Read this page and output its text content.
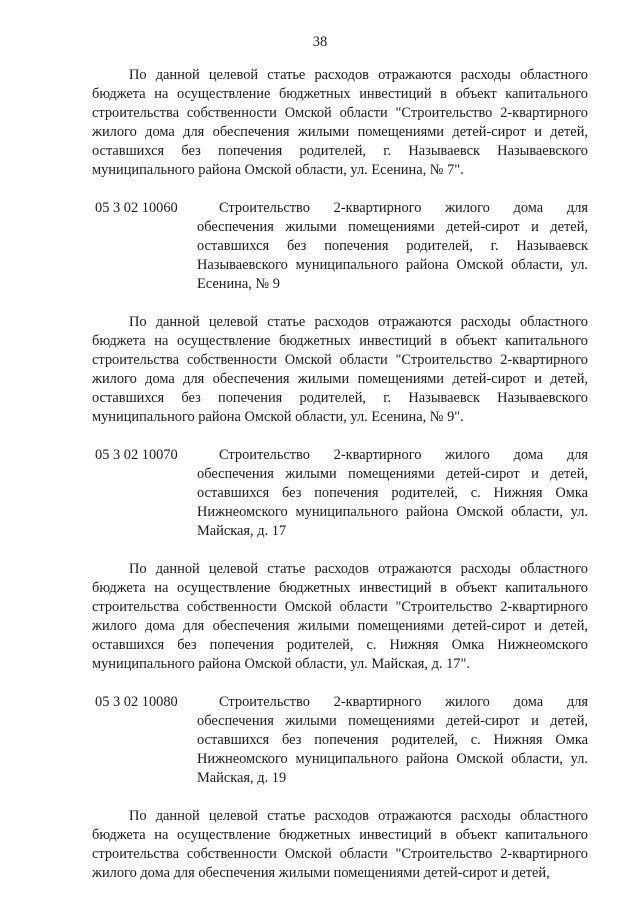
38

По данной целевой статье расходов отражаются расходы областного бюджета на осуществление бюджетных инвестиций в объект капитального строительства собственности Омской области "Строительство 2-квартирного жилого дома для обеспечения жилыми помещениями детей-сирот и детей, оставшихся без попечения родителей, г. Называевск Называевского муниципального района Омской области, ул. Есенина, № 7".

05 3 02 10060	Строительство 2-квартирного жилого дома для обеспечения жилыми помещениями детей-сирот и детей, оставшихся без попечения родителей, г. Называевск Называевского муниципального района Омской области, ул. Есенина, № 9

По данной целевой статье расходов отражаются расходы областного бюджета на осуществление бюджетных инвестиций в объект капитального строительства собственности Омской области "Строительство 2-квартирного жилого дома для обеспечения жилыми помещениями детей-сирот и детей, оставшихся без попечения родителей, г. Называевск Называевского муниципального района Омской области, ул. Есенина, № 9".

05 3 02 10070	Строительство 2-квартирного жилого дома для обеспечения жилыми помещениями детей-сирот и детей, оставшихся без попечения родителей, с. Нижняя Омка Нижнеомского муниципального района Омской области, ул. Майская, д. 17

По данной целевой статье расходов отражаются расходы областного бюджета на осуществление бюджетных инвестиций в объект капитального строительства собственности Омской области "Строительство 2-квартирного жилого дома для обеспечения жилыми помещениями детей-сирот и детей, оставшихся без попечения родителей, с. Нижняя Омка Нижнеомского муниципального района Омской области, ул. Майская, д. 17".

05 3 02 10080	Строительство 2-квартирного жилого дома для обеспечения жилыми помещениями детей-сирот и детей, оставшихся без попечения родителей, с. Нижняя Омка Нижнеомского муниципального района Омской области, ул. Майская, д. 19

По данной целевой статье расходов отражаются расходы областного бюджета на осуществление бюджетных инвестиций в объект капитального строительства собственности Омской области "Строительство 2-квартирного жилого дома для обеспечения жилыми помещениями детей-сирот и детей,
